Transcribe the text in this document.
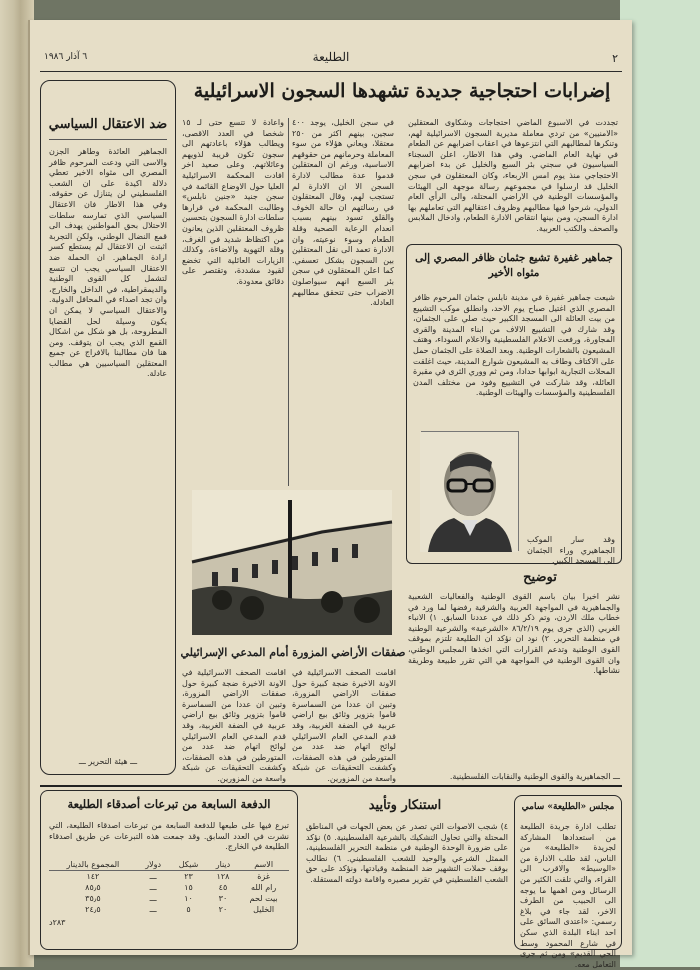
٢
الطليعة
٦ آذار ١٩٨٦
ضد الاعتقال السياسي
الجماهير العائدة وطاهر الجزن والاسى التي ودعت المرحوم ظافر المصري الى مثواه الاخير تعطي دلالة اكيدة على ان الشعب الفلسطيني لن يتنازل عن حقوقه. وفي هذا الاطار فان الاعتقال السياسي الذي تمارسه سلطات الاحتلال بحق المواطنين يهدف الى قمع النضال الوطني، ولكن التجربة اثبتت ان الاعتقال لم يستطع كسر ارادة الجماهير. ان الحملة ضد الاعتقال السياسي يجب ان تتسع لتشمل كل القوى الوطنية والديمقراطية، في الداخل والخارج، وان تجد اصداء في المحافل الدولية. والاعتقال السياسي لا يمكن ان يكون وسيلة لحل القضايا المطروحة، بل هو شكل من اشكال القمع الذي يجب ان يتوقف. ومن هنا فان مطالبنا بالافراج عن جميع المعتقلين السياسيين هي مطالب عادلة.
ـــ هيئة التحرير ـــ
إضرابات احتجاجية جديدة تشهدها السجون الاسرائيلية
تجددت في الاسبوع الماضي احتجاجات وشكاوى المعتقلين «الامنيين» من تردي معاملة مديرية السجون الاسرائيلية لهم، وتنكرها لمطالبهم التي انتزعوها في اعقاب اضرابهم عن الطعام في نهاية العام الماضي. وفي هذا الاطار، اعلن السجناء السياسيون في سجني بئر السبع والخليل عن بدء اضرابهم الاحتجاجي منذ يوم امس الاربعاء، وكان المعتقلون في سجن الخليل قد ارسلوا في مجموعهم رسالة موجهة الى الهيئات والمؤسسات الوطنية في الاراضي المحتلة، والى الرأي العام الدولي، شرحوا فيها مطالبهم وظروف اعتقالهم التي تعاملهم بها ادارة السجن، ومن بينها انتقاص الادارة الطعام، وادخال الملابس والصحف والكتب العربية.
في سجن الخليل، يوجد ٤٠٠ سجين، بينهم اكثر من ٢٥٠ معتقلا، ويعاني هؤلاء من سوء المعاملة وحرمانهم من حقوقهم الاساسية، ورغم ان المعتقلين قدموا عدة مطالب لادارة السجن الا ان الادارة لم تستجب لهم، وقال المعتقلون في رسالتهم ان حالة الخوف والقلق تسود بينهم بسبب انعدام الرعاية الصحية وقلة الطعام وسوء نوعيته، وان الادارة تعمد الى نقل المعتقلين بين السجون بشكل تعسفي. كما اعلن المعتقلون في سجن بئر السبع انهم سيواصلون الاضراب حتى تتحقق مطالبهم العادلة.
واعادة لا تتسع حتى لـ ١٥ شخصا في العدد الاقصى، ويطالب هؤلاء باعادتهم الى سجون تكون قريبة لذويهم وعائلاتهم. وعلى صعيد اخر افادت المحكمة الاسرائيلية العليا حول الاوضاع القائمة في سجن جنيد «جنين نابلس» وطالبت المحكمة في قرارها سلطات ادارة السجون بتحسين ظروف المعتقلين الذين يعانون من اكتظاظ شديد في الغرف، وقلة التهوية والاضاءة، وكذلك الزيارات العائلية التي تخضع لقيود مشددة، وتقتصر على دقائق معدودة.
جماهير غفيرة تشيع جثمان ظافر المصري إلى مثواه الأخير
شيعت جماهير غفيرة في مدينة نابلس جثمان المرحوم ظافر المصري الذي اغتيل صباح يوم الاحد، وانطلق موكب التشييع من بيت العائلة الى المسجد الكبير حيث صلي على الجثمان، وقد شارك في التشييع الالاف من ابناء المدينة والقرى المجاورة، ورفعت الاعلام الفلسطينية والاعلام السوداء، وهتف المشيعون بالشعارات الوطنية. وبعد الصلاة على الجثمان حمل على الاكتاف وطاف به المشيعون شوارع المدينة، حيث اغلقت المحلات التجارية ابوابها حدادا، ومن ثم ووري الثرى في مقبرة العائلة، وقد شاركت في التشييع وفود من مختلف المدن الفلسطينية والمؤسسات والهيئات الوطنية.
وقد سار الموكب الجماهيري وراء الجثمان الى المسجد الكبير.
صفقات الأراضي المزورة أمام المدعي الإسرائيلي
اقامت الصحف الاسرائيلية في الاونة الاخيرة ضجة كبيرة حول صفقات الاراضي المزورة، وتبين ان عددا من السماسرة قاموا بتزوير وثائق بيع اراضي عربية في الضفة الغربية، وقد قدم المدعي العام الاسرائيلي لوائح اتهام ضد عدد من المتورطين في هذه الصفقات، وكشفت التحقيقات عن شبكة واسعة من المزورين.
اقامت الصحف الاسرائيلية في الاونة الاخيرة ضجة كبيرة حول صفقات الاراضي المزورة، وتبين ان عددا من السماسرة قاموا بتزوير وثائق بيع اراضي عربية في الضفة الغربية، وقد قدم المدعي العام الاسرائيلي لوائح اتهام ضد عدد من المتورطين في هذه الصفقات، وكشفت التحقيقات عن شبكة واسعة من المزورين.
توضيح
نشر اخيرا بيان باسم القوى الوطنية والفعاليات الشعبية والجماهيرية في المواجهة العربية والشرقية رفضها لما ورد في خطاب ملك الاردن، وتم ذكر ذلك في عددنا السابق. ١) الانباء الغربي (الذي جرى يوم ٨٦/٢/١٩ «الشرعية» والشرعية الوطنية في منظمة التحرير. ٢) نود ان نؤكد ان الطليعة تلتزم بموقف القوى الوطنية وتدعم القرارات التي اتخذها المجلس الوطني، وان القوى الوطنية في المواجهة هي التي تقرر طبيعة وطريقة نشاطها.
ـــ الجماهيرية والقوى الوطنية والنقابات الفلسطينية.
استنكار وتأييد
٤) شجب الاصوات التي تصدر عن بعض الجهات في المناطق المحتلة والتي تحاول التشكيك بالشرعية الفلسطينية. ٥) نؤكد على ضرورة الوحدة الوطنية في منظمة التحرير الفلسطينية، الممثل الشرعي والوحيد للشعب الفلسطيني. ٦) نطالب بوقف حملات التشهير ضد المنظمة وقيادتها، ونؤكد على حق الشعب الفلسطيني في تقرير مصيره واقامة دولته المستقلة.
مجلس «الطليعة» سامي
تطلب ادارة جريدة الطليعة من استعدادها المشاركة لجريدة «الطليعة» من الناس، لقد طلب الادارة من «الوسيط» والاقرب الى القراء، والتي تلقت الكثير من الرسائل ومن اهمها ما يوجه الى الحبيب من الطرف الاخر، لقد جاء في بلاغ رسمي: «اعتدى السائق على احد ابناء البلدة الذي سكن في شارع المحمود وسط الحي القديم» ومن ثم جرى التعامل معه.
الدفعة السابعة من تبرعات أصدقاء الطليعة
تبرع فيها على طبعها للدفعة السابعة من تبرعات اصدقاء الطليعة، التي نشرت في العدد السابق. وقد جمعت هذه التبرعات عن طريق اصدقاء الطليعة في الخارج.
الاسم	دينار	شيكل	دولار	المجموع بالدينار
غزة	١٢٨	٢٣	ـــ	١٤٢
رام الله	٤٥	١٥	ـــ	٨٥٫٥
بيت لحم	٣٠	١٠	ـــ	٣٥٫٥
الخليل	٢٠	٥	ـــ	٢٤٫٥
٢٨٣د
